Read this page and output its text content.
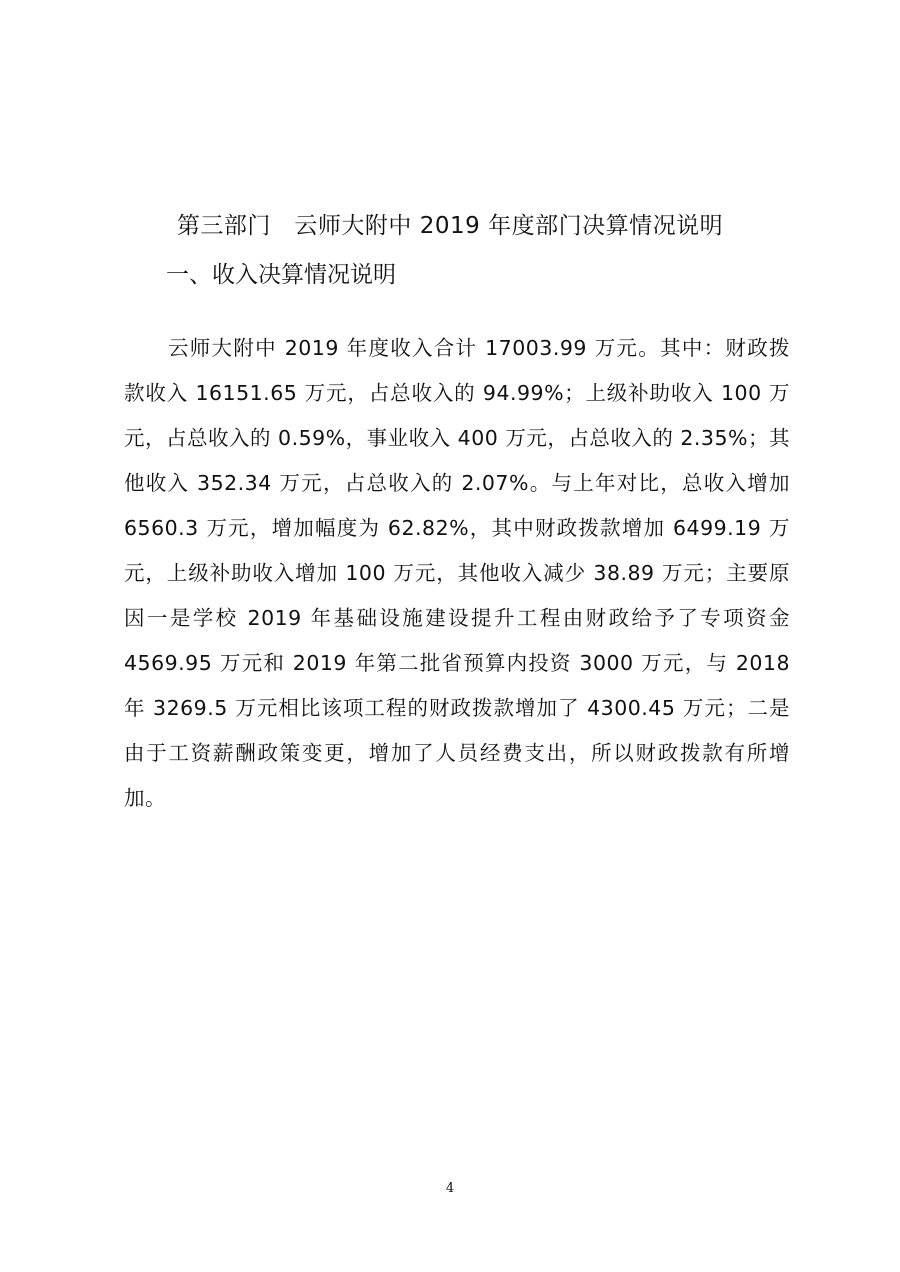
第三部门　云师大附中 2019 年度部门决算情况说明
一、收入决算情况说明

云师大附中 2019 年度收入合计 17003.99 万元。其中：财政拨款收入 16151.65 万元，占总收入的 94.99%；上级补助收入 100 万元，占总收入的 0.59%，事业收入 400 万元，占总收入的 2.35%；其他收入 352.34 万元，占总收入的 2.07%。与上年对比，总收入增加 6560.3 万元，增加幅度为 62.82%，其中财政拨款增加 6499.19 万元，上级补助收入增加 100 万元，其他收入减少 38.89 万元；主要原因一是学校 2019 年基础设施建设提升工程由财政给予了专项资金 4569.95 万元和 2019 年第二批省预算内投资 3000 万元，与 2018 年 3269.5 万元相比该项工程的财政拨款增加了 4300.45 万元；二是由于工资薪酬政策变更，增加了人员经费支出，所以财政拨款有所增加。

4
